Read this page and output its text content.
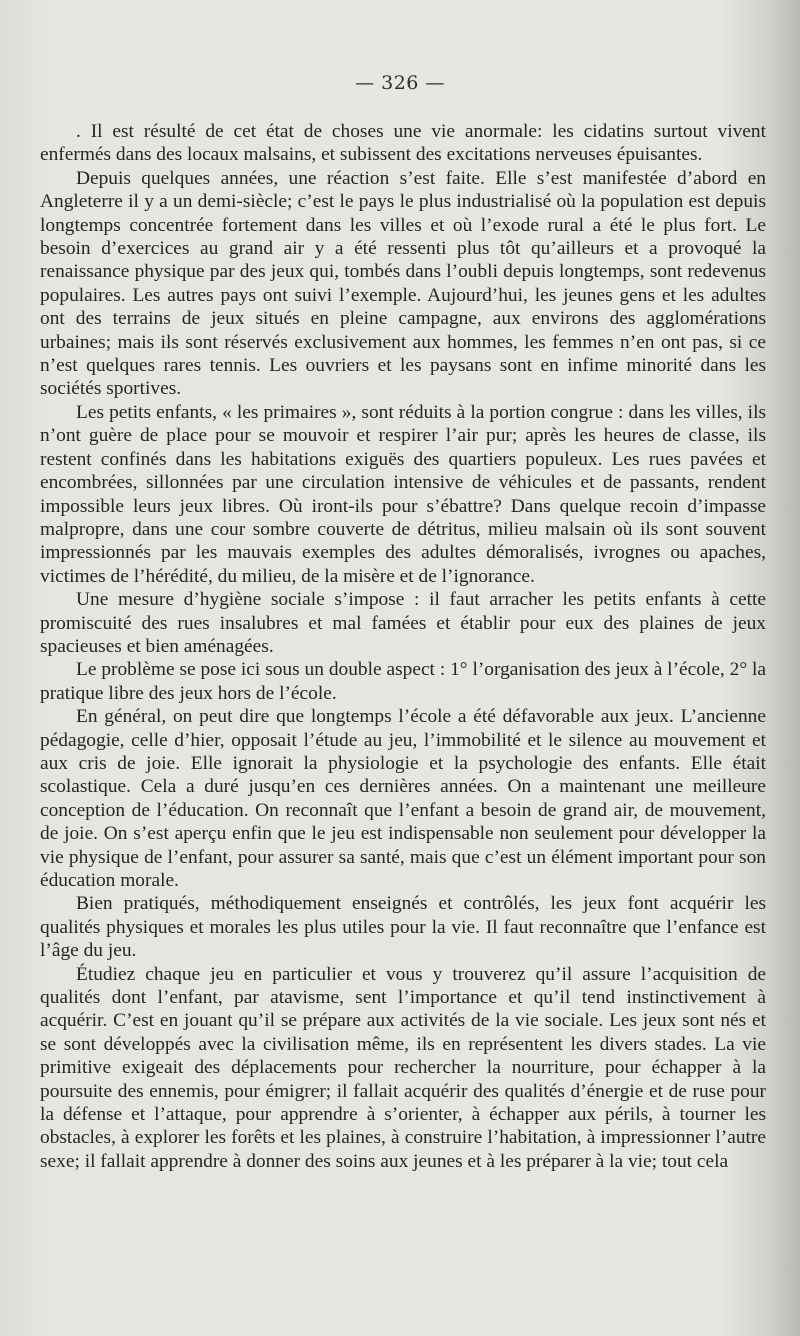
— 326 —

. Il est résulté de cet état de choses une vie anormale: les cidatins surtout vivent enfermés dans des locaux malsains, et subissent des excitations nerveuses épuisantes.

Depuis quelques années, une réaction s’est faite. Elle s’est manifestée d’abord en Angleterre il y a un demi-siècle; c’est le pays le plus industrialisé où la population est depuis longtemps concentrée fortement dans les villes et où l’exode rural a été le plus fort. Le besoin d’exercices au grand air y a été ressenti plus tôt qu’ailleurs et a provoqué la renaissance physique par des jeux qui, tombés dans l’oubli depuis longtemps, sont redevenus populaires. Les autres pays ont suivi l’exemple. Aujourd’hui, les jeunes gens et les adultes ont des terrains de jeux situés en pleine campagne, aux environs des agglomérations urbaines; mais ils sont réservés exclusivement aux hommes, les femmes n’en ont pas, si ce n’est quelques rares tennis. Les ouvriers et les paysans sont en infime minorité dans les sociétés sportives.

Les petits enfants, « les primaires », sont réduits à la portion congrue : dans les villes, ils n’ont guère de place pour se mouvoir et respirer l’air pur; après les heures de classe, ils restent confinés dans les habitations exiguës des quartiers populeux. Les rues pavées et encombrées, sillonnées par une circulation intensive de véhicules et de passants, rendent impossible leurs jeux libres. Où iront-ils pour s’ébattre? Dans quelque recoin d’impasse malpropre, dans une cour sombre couverte de détritus, milieu malsain où ils sont souvent impressionnés par les mauvais exemples des adultes démoralisés, ivrognes ou apaches, victimes de l’hérédité, du milieu, de la misère et de l’ignorance.

Une mesure d’hygiène sociale s’impose : il faut arracher les petits enfants à cette promiscuité des rues insalubres et mal famées et établir pour eux des plaines de jeux spacieuses et bien aménagées.

Le problème se pose ici sous un double aspect : 1° l’organisation des jeux à l’école, 2° la pratique libre des jeux hors de l’école.

En général, on peut dire que longtemps l’école a été défavorable aux jeux. L’ancienne pédagogie, celle d’hier, opposait l’étude au jeu, l’immobilité et le silence au mouvement et aux cris de joie. Elle ignorait la physiologie et la psychologie des enfants. Elle était scolastique. Cela a duré jusqu’en ces dernières années. On a maintenant une meilleure conception de l’éducation. On reconnaît que l’enfant a besoin de grand air, de mouvement, de joie. On s’est aperçu enfin que le jeu est indispensable non seulement pour développer la vie physique de l’enfant, pour assurer sa santé, mais que c’est un élément important pour son éducation morale.

Bien pratiqués, méthodiquement enseignés et contrôlés, les jeux font acquérir les qualités physiques et morales les plus utiles pour la vie. Il faut reconnaître que l’enfance est l’âge du jeu.

Étudiez chaque jeu en particulier et vous y trouverez qu’il assure l’acquisition de qualités dont l’enfant, par atavisme, sent l’importance et qu’il tend instinctivement à acquérir. C’est en jouant qu’il se prépare aux activités de la vie sociale. Les jeux sont nés et se sont développés avec la civilisation même, ils en représentent les divers stades. La vie primitive exigeait des déplacements pour rechercher la nourriture, pour échapper à la poursuite des ennemis, pour émigrer; il fallait acquérir des qualités d’énergie et de ruse pour la défense et l’attaque, pour apprendre à s’orienter, à échapper aux périls, à tourner les obstacles, à explorer les forêts et les plaines, à construire l’habitation, à impressionner l’autre sexe; il fallait apprendre à donner des soins aux jeunes et à les préparer à la vie; tout cela
